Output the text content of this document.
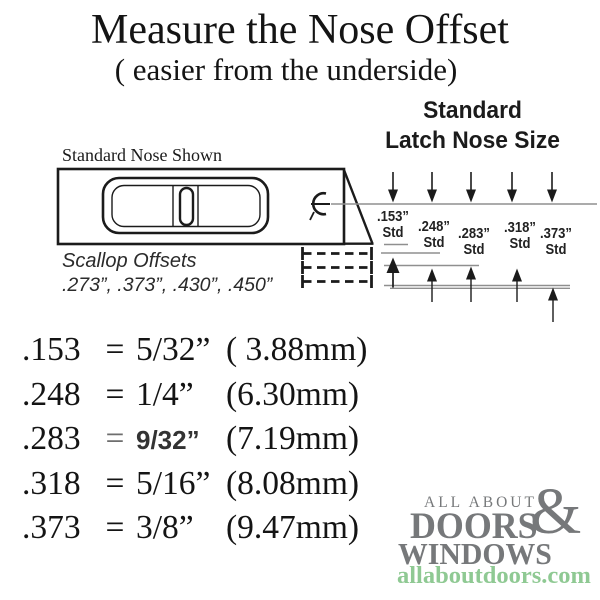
Measure the Nose Offset
( easier from the underside)
Standard
Latch Nose Size
Standard Nose Shown
.153”
Std	.248”
Std
.283”
Std
.318”
Std
.373”
Std
Scallop Offsets
.273”, .373”, .430”, .450”
.153 = 5/32” ( 3.88mm)
.248 = 1/4” (6.30mm)
.283 = 9/32” (7.19mm)
.318 = 5/16” (8.08mm)
.373 = 3/8” (9.47mm)
ALL ABOUT
&
DOORS
WINDOWS
allaboutdoors.com
